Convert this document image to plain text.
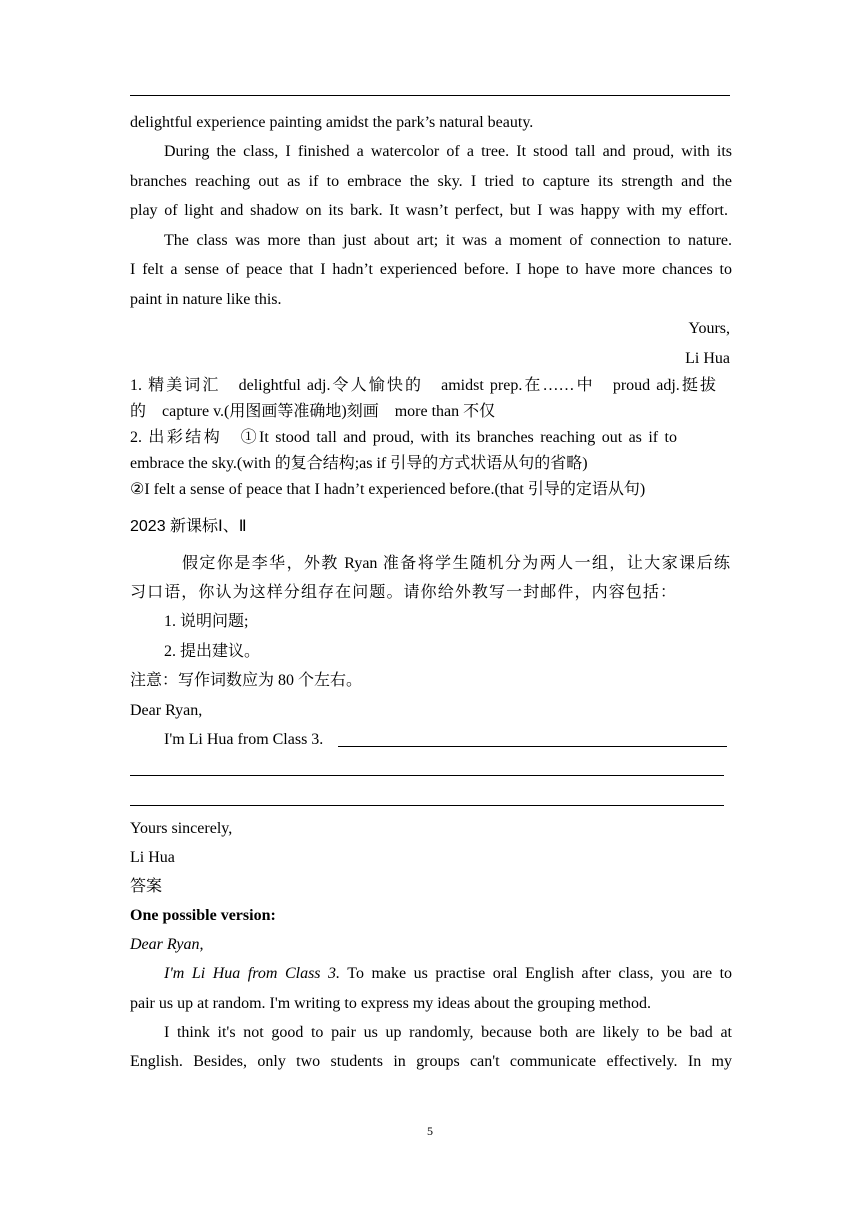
delightful experience painting amidst the park’s natural beauty.
During the class, I finished a watercolor of a tree. It stood tall and proud, with its
branches reaching out as if to embrace the sky. I tried to capture its strength and the
play of light and shadow on its bark. It wasn’t perfect, but I was happy with my effort.
The class was more than just about art; it was a moment of connection to nature.
I felt a sense of peace that I hadn’t experienced before. I hope to have more chances to
paint in nature like this.
Yours,
Li Hua
1. 精美词汇　delightful adj.令人愉快的　amidst prep.在……中　proud adj.挺拔
的　capture v.(用图画等准确地)刻画　more than 不仅
2. 出彩结构　①It stood tall and proud, with its branches reaching out as if to
embrace the sky.(with 的复合结构;as if 引导的方式状语从句的省略)
②I felt a sense of peace that I hadn’t experienced before.(that 引导的定语从句)
2023 新课标Ⅰ、Ⅱ
假定你是李华，外教 Ryan 准备将学生随机分为两人一组，让大家课后练
习口语，你认为这样分组存在问题。请你给外教写一封邮件，内容包括：
1. 说明问题;
2. 提出建议。
注意：写作词数应为 80 个左右。
Dear Ryan,
I'm Li Hua from Class 3.
Yours sincerely,
Li Hua
答案
One possible version:
Dear Ryan,
I'm Li Hua from Class 3. To make us practise oral English after class, you are to
pair us up at random. I'm writing to express my ideas about the grouping method.
I think it's not good to pair us up randomly, because both are likely to be bad at
English. Besides, only two students in groups can't communicate effectively. In my
5
